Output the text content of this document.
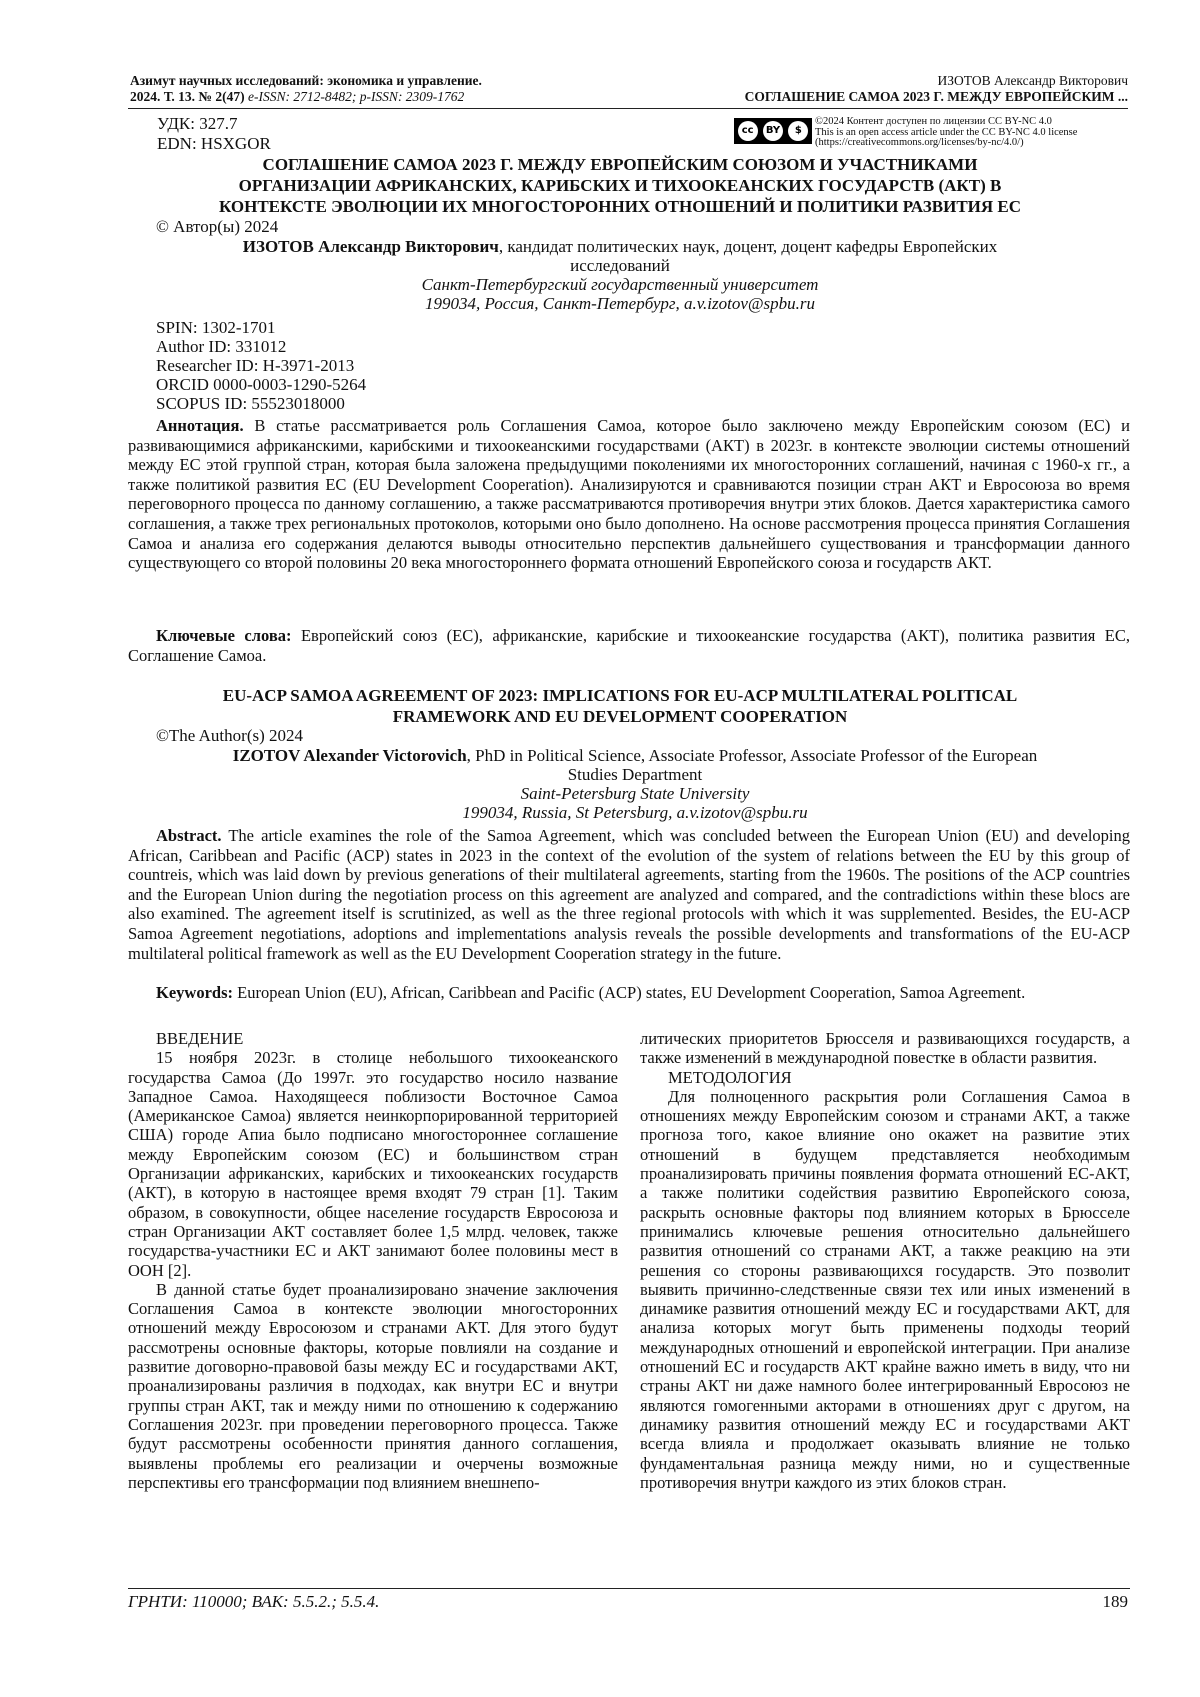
Азимут научных исследований: экономика и управление.
2024. Т. 13. № 2(47) e-ISSN: 2712-8482; p-ISSN: 2309-1762
ИЗОТОВ Александр Викторович
СОГЛАШЕНИЕ САМОА 2023 Г. МЕЖДУ ЕВРОПЕЙСКИМ ...
УДК: 327.7
EDN: HSXGOR
cc	BY	$
©2024 Контент доступен по лицензии CC BY-NC 4.0
This is an open access article under the CC BY-NC 4.0 license
(https://creativecommons.org/licenses/by-nc/4.0/)
СОГЛАШЕНИЕ САМОА 2023 Г. МЕЖДУ ЕВРОПЕЙСКИМ СОЮЗОМ И УЧАСТНИКАМИ
ОРГАНИЗАЦИИ АФРИКАНСКИХ, КАРИБСКИХ И ТИХООКЕАНСКИХ ГОСУДАРСТВ (АКТ) В
КОНТЕКСТЕ ЭВОЛЮЦИИ ИХ МНОГОСТОРОННИХ ОТНОШЕНИЙ И ПОЛИТИКИ РАЗВИТИЯ ЕС
© Автор(ы) 2024
ИЗОТОВ Александр Викторович, кандидат политических наук, доцент, доцент кафедры Европейских
исследований
Санкт-Петербургский государственный университет
199034, Россия, Санкт-Петербург, a.v.izotov@spbu.ru
SPIN: 1302-1701
Author ID: 331012
Researcher ID: H-3971-2013
ORCID 0000-0003-1290-5264
SCOPUS ID: 55523018000
Аннотация. В статье рассматривается роль Соглашения Самоа, которое было заключено между Европейским союзом (ЕС) и развивающимися африканскими, карибскими и тихоокеанскими государствами (АКТ) в 2023г. в контексте эволюции системы отношений между ЕС этой группой стран, которая была заложена предыдущими поколениями их многосторонних соглашений, начиная с 1960-х гг., а также политикой развития ЕС (EU Development Cooperation). Анализируются и сравниваются позиции стран АКТ и Евросоюза во время переговорного процесса по данному соглашению, а также рассматриваются противоречия внутри этих блоков. Дается характеристика самого соглашения, а также трех региональных протоколов, которыми оно было дополнено. На основе рассмотрения процесса принятия Соглашения Самоа и анализа его содержания делаются выводы относительно перспектив дальнейшего существования и трансформации данного существующего со второй половины 20 века многостороннего формата отношений Европейского союза и государств АКТ.
Ключевые слова: Европейский союз (ЕС), африканские, карибские и тихоокеанские государства (АКТ), политика развития ЕС, Соглашение Самоа.
EU-ACP SAMOA AGREEMENT OF 2023: IMPLICATIONS FOR EU-ACP MULTILATERAL POLITICAL
FRAMEWORK AND EU DEVELOPMENT COOPERATION
©The Author(s) 2024
IZOTOV Alexander Victorovich, PhD in Political Science, Associate Professor, Associate Professor of the European
Studies Department
Saint-Petersburg State University
199034, Russia, St Petersburg, a.v.izotov@spbu.ru
Abstract. The article examines the role of the Samoa Agreement, which was concluded between the European Union (EU) and developing African, Caribbean and Pacific (ACP) states in 2023 in the context of the evolution of the system of relations between the EU by this group of countreis, which was laid down by previous generations of their multilateral agreements, starting from the 1960s. The positions of the ACP countries and the European Union during the negotiation process on this agreement are analyzed and compared, and the contradictions within these blocs are also examined. The agreement itself is scrutinized, as well as the three regional protocols with which it was supplemented. Besides, the EU-ACP Samoa Agreement negotiations, adoptions and implementations analysis reveals the possible developments and transformations of the EU-ACP multilateral political framework as well as the EU Development Cooperation strategy in the future.
Keywords: European Union (EU), African, Caribbean and Pacific (ACP) states, EU Development Cooperation, Samoa Agreement.
ВВЕДЕНИЕ
15 ноября 2023г. в столице небольшого тихоокеанского государства Самоа (До 1997г. это государство носило название Западное Самоа. Находящееся поблизости Восточное Самоа (Американское Самоа) является неинкорпорированной территорией США) городе Апиа было подписано многостороннее соглашение между Европейским союзом (ЕС) и большинством стран Организации африканских, карибских и тихоокеанских государств (АКТ), в которую в настоящее время входят 79 стран [1]. Таким образом, в совокупности, общее население государств Евросоюза и стран Организации АКТ составляет более 1,5 млрд. человек, также государства-участники ЕС и АКТ занимают более половины мест в ООН [2].
В данной статье будет проанализировано значение заключения Соглашения Самоа в контексте эволюции многосторонних отношений между Евросоюзом и странами АКТ. Для этого будут рассмотрены основные факторы, которые повлияли на создание и развитие договорно-правовой базы между ЕС и государствами АКТ, проанализированы различия в подходах, как внутри ЕС и внутри группы стран АКТ, так и между ними по отношению к содержанию Соглашения 2023г. при проведении переговорного процесса. Также будут рассмотрены особенности принятия данного соглашения, выявлены проблемы его реализации и очерчены возможные перспективы его трансформации под влиянием внешнепо-
литических приоритетов Брюсселя и развивающихся государств, а также изменений в международной повестке в области развития.
МЕТОДОЛОГИЯ
Для полноценного раскрытия роли Соглашения Самоа в отношениях между Европейским союзом и странами АКТ, а также прогноза того, какое влияние оно окажет на развитие этих отношений в будущем представляется необходимым проанализировать причины появления формата отношений ЕС-АКТ, а также политики содействия развитию Европейского союза, раскрыть основные факторы под влиянием которых в Брюсселе принимались ключевые решения относительно дальнейшего развития отношений со странами АКТ, а также реакцию на эти решения со стороны развивающихся государств. Это позволит выявить причинно-следственные связи тех или иных изменений в динамике развития отношений между ЕС и государствами АКТ, для анализа которых могут быть применены подходы теорий международных отношений и европейской интеграции. При анализе отношений ЕС и государств АКТ крайне важно иметь в виду, что ни страны АКТ ни даже намного более интегрированный Евросоюз не являются гомогенными акторами в отношениях друг с другом, на динамику развития отношений между ЕС и государствами АКТ всегда влияла и продолжает оказывать влияние не только фундаментальная разница между ними, но и существенные противоречия внутри каждого из этих блоков стран.
ГРНТИ: 110000; ВАК: 5.5.2.; 5.5.4.	189
